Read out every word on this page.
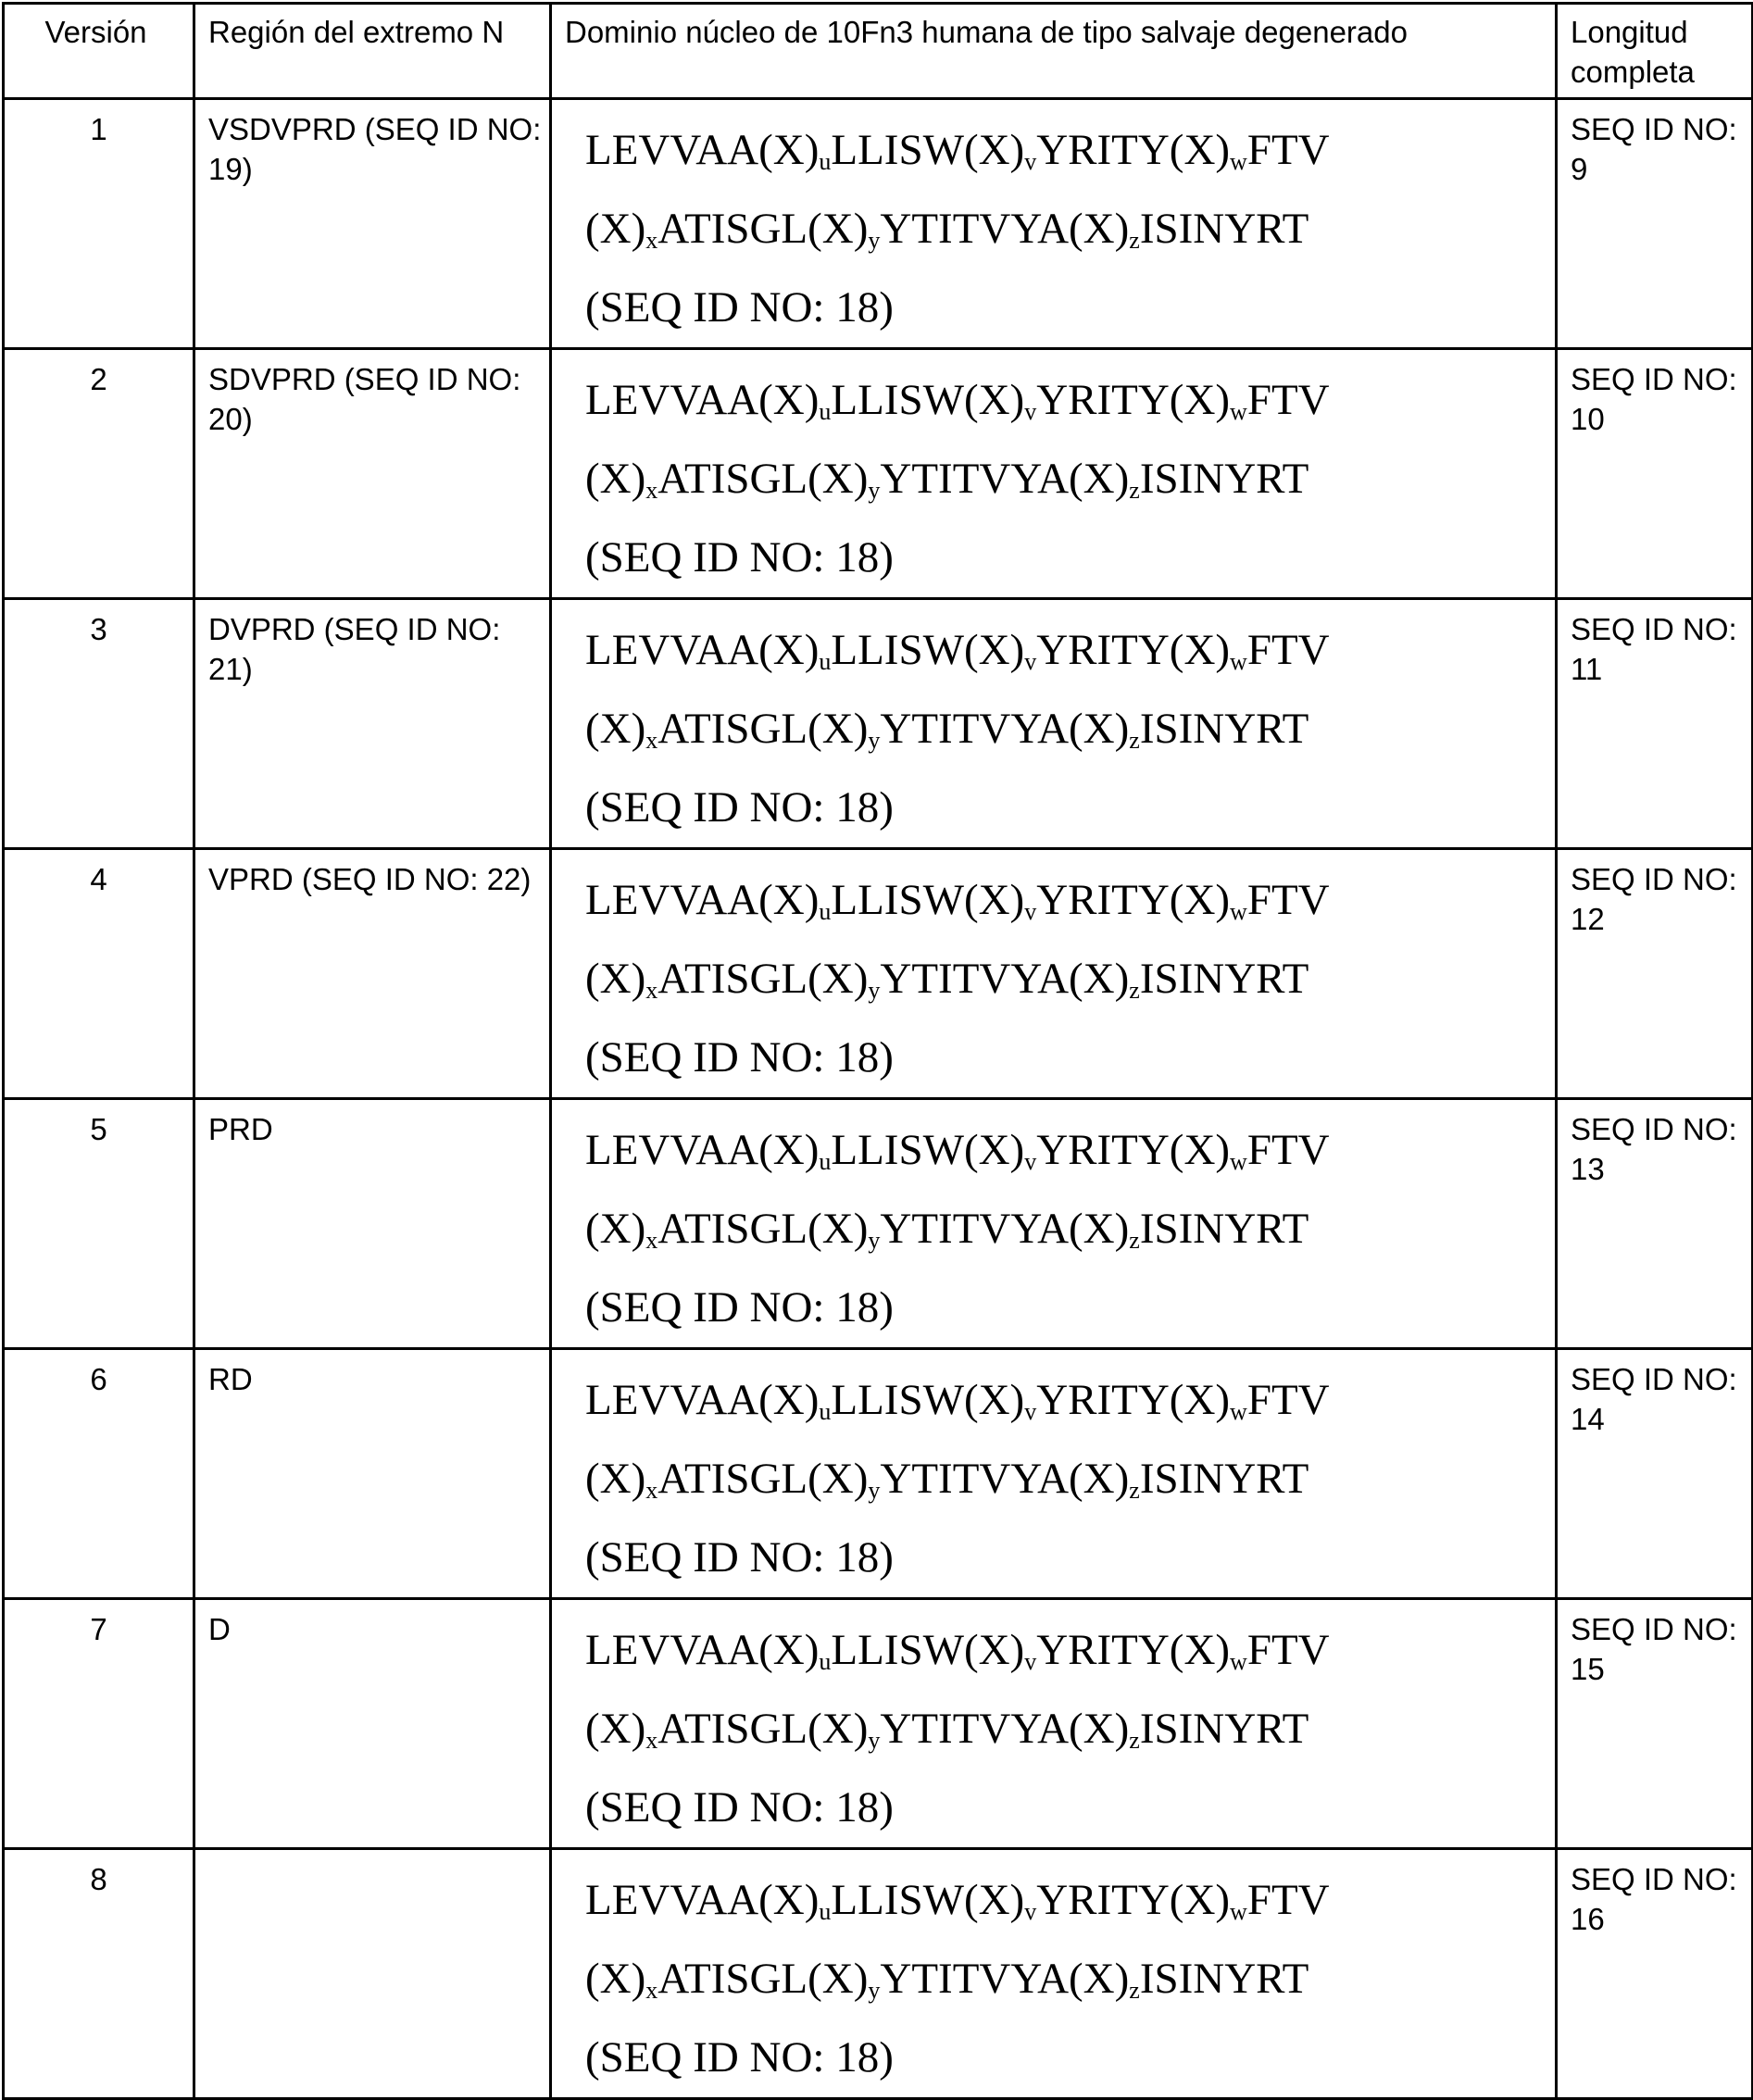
Versión	Región del extremo N	Dominio núcleo de 10Fn3 humana de tipo salvaje degenerado	Longitud completa
1	VSDVPRD (SEQ ID NO: 19)	LEVVAA(X)uLLISW(X)vYRITY(X)wFTV
(X)xATISGL(X)yYTITVYA(X)zISINYRT
(SEQ ID NO: 18)
	SEQ ID NO: 9
2	SDVPRD (SEQ ID NO: 20)	LEVVAA(X)uLLISW(X)vYRITY(X)wFTV
(X)xATISGL(X)yYTITVYA(X)zISINYRT
(SEQ ID NO: 18)
	SEQ ID NO: 10
3	DVPRD (SEQ ID NO: 21)	LEVVAA(X)uLLISW(X)vYRITY(X)wFTV
(X)xATISGL(X)yYTITVYA(X)zISINYRT
(SEQ ID NO: 18)
	SEQ ID NO: 11
4	VPRD (SEQ ID NO: 22)	LEVVAA(X)uLLISW(X)vYRITY(X)wFTV
(X)xATISGL(X)yYTITVYA(X)zISINYRT
(SEQ ID NO: 18)
	SEQ ID NO: 12
5	PRD	LEVVAA(X)uLLISW(X)vYRITY(X)wFTV
(X)xATISGL(X)yYTITVYA(X)zISINYRT
(SEQ ID NO: 18)
	SEQ ID NO: 13
6	RD	LEVVAA(X)uLLISW(X)vYRITY(X)wFTV
(X)xATISGL(X)yYTITVYA(X)zISINYRT
(SEQ ID NO: 18)
	SEQ ID NO: 14
7	D	LEVVAA(X)uLLISW(X)vYRITY(X)wFTV
(X)xATISGL(X)yYTITVYA(X)zISINYRT
(SEQ ID NO: 18)
	SEQ ID NO: 15
8		LEVVAA(X)uLLISW(X)vYRITY(X)wFTV
(X)xATISGL(X)yYTITVYA(X)zISINYRT
(SEQ ID NO: 18)
	SEQ ID NO: 16
